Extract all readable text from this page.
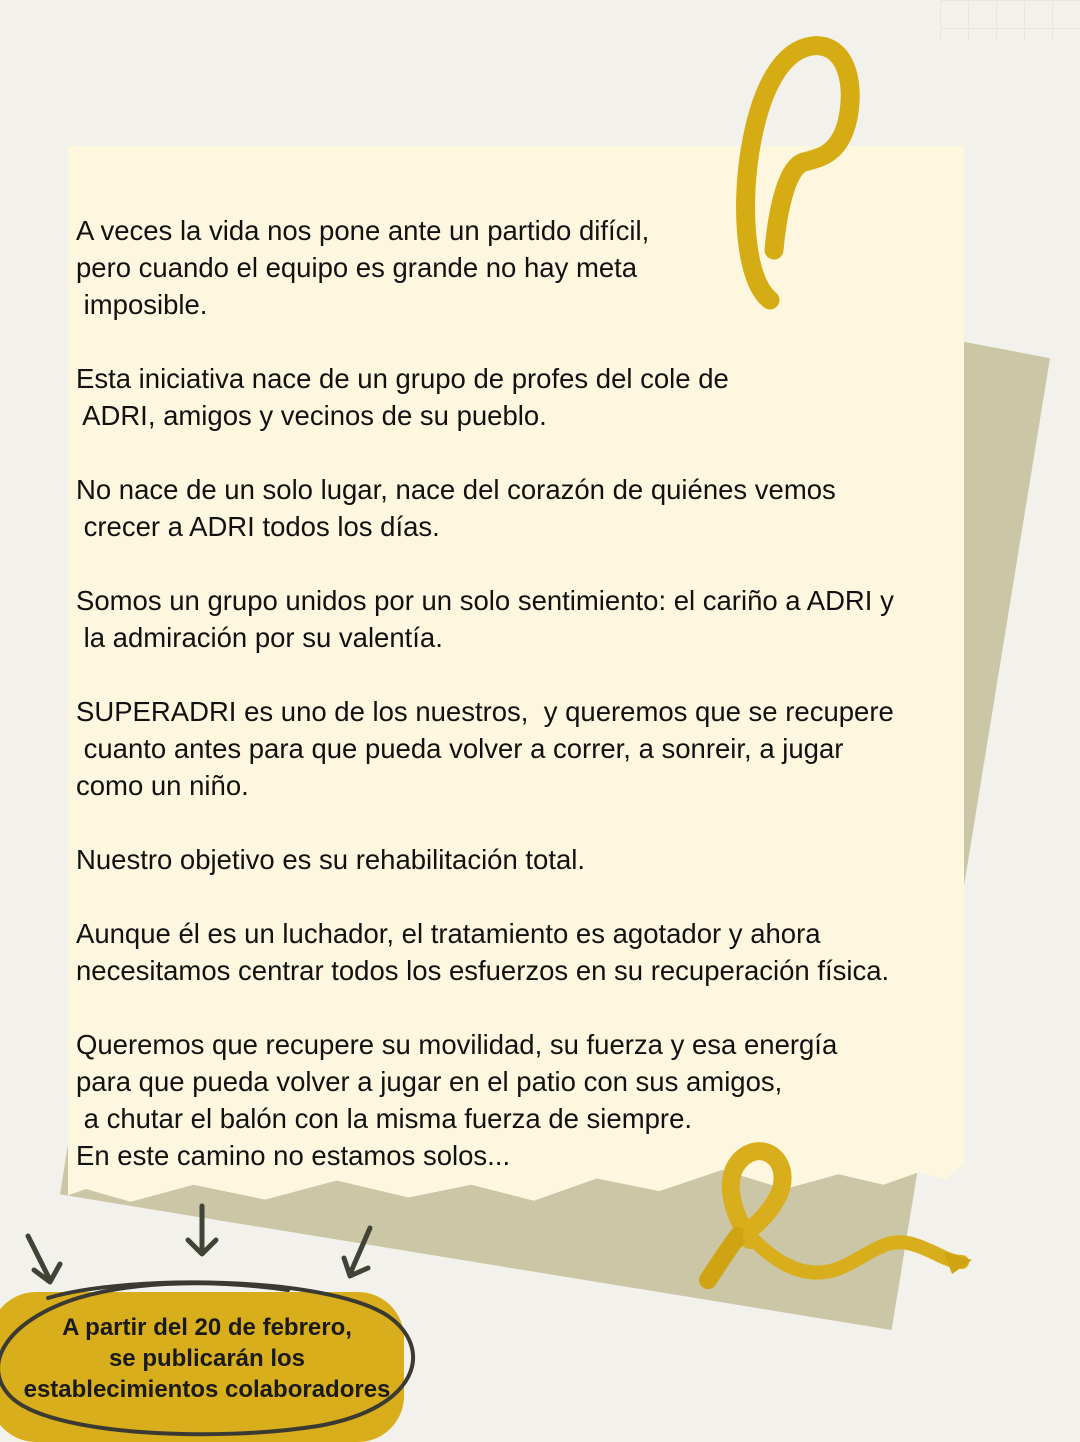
A veces la vida nos pone ante un partido difícil,
pero cuando el equipo es grande no hay meta
imposible.

Esta iniciativa nace de un grupo de profes del cole de
ADRI, amigos y vecinos de su pueblo.

No nace de un solo lugar, nace del corazón de quiénes vemos
crecer a ADRI todos los días.

Somos un grupo unidos por un solo sentimiento: el cariño a ADRI y
la admiración por su valentía.

SUPERADRI es uno de los nuestros,  y queremos que se recupere
cuanto antes para que pueda volver a correr, a sonreir, a jugar
como un niño.

Nuestro objetivo es su rehabilitación total.

Aunque él es un luchador, el tratamiento es agotador y ahora
necesitamos centrar todos los esfuerzos en su recuperación física.

Queremos que recupere su movilidad, su fuerza y esa energía
para que pueda volver a jugar en el patio con sus amigos,
a chutar el balón con la misma fuerza de siempre.
En este camino no estamos solos...

A partir del 20 de febrero,
se publicarán los
establecimientos colaboradores
